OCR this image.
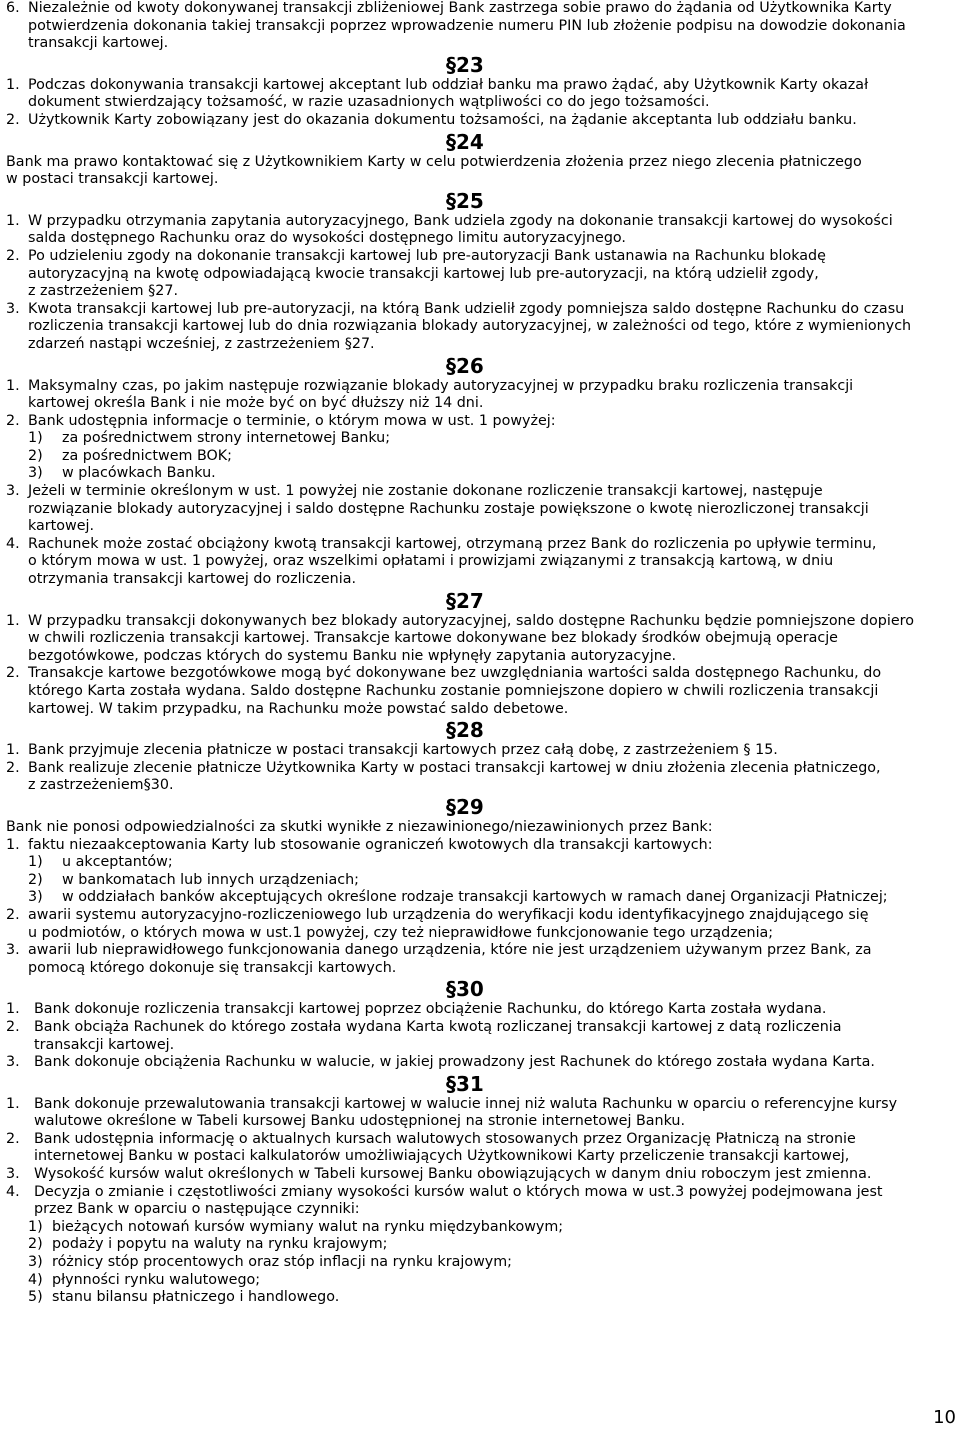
6. Niezależnie od kwoty dokonywanej transakcji zbliżeniowej Bank zastrzega sobie prawo do żądania od Użytkownika Karty
potwierdzenia dokonania takiej transakcji poprzez wprowadzenie numeru PIN lub złożenie podpisu na dowodzie dokonania
transakcji kartowej.
§23
1. Podczas dokonywania transakcji kartowej akceptant lub oddział banku ma prawo żądać, aby Użytkownik Karty okazał
dokument stwierdzający tożsamość, w razie uzasadnionych wątpliwości co do jego tożsamości.
2. Użytkownik Karty zobowiązany jest do okazania dokumentu tożsamości, na żądanie akceptanta lub oddziału banku.
§24
Bank ma prawo kontaktować się z Użytkownikiem Karty w celu potwierdzenia złożenia przez niego zlecenia płatniczego
w postaci transakcji kartowej.
§25
1. W przypadku otrzymania zapytania autoryzacyjnego, Bank udziela zgody na dokonanie transakcji kartowej do wysokości
salda dostępnego Rachunku oraz do wysokości dostępnego limitu autoryzacyjnego.
2. Po udzieleniu zgody na dokonanie transakcji kartowej lub pre-autoryzacji Bank ustanawia na Rachunku blokadę
autoryzacyjną na kwotę odpowiadającą kwocie transakcji kartowej lub pre-autoryzacji, na którą udzielił zgody,
z zastrzeżeniem §27.
3. Kwota transakcji kartowej lub pre-autoryzacji, na którą Bank udzielił zgody pomniejsza saldo dostępne Rachunku do czasu
rozliczenia transakcji kartowej lub do dnia rozwiązania blokady autoryzacyjnej, w zależności od tego, które z wymienionych
zdarzeń nastąpi wcześniej, z zastrzeżeniem §27.
§26
1. Maksymalny czas, po jakim następuje rozwiązanie blokady autoryzacyjnej w przypadku braku rozliczenia transakcji
kartowej określa Bank i nie może być on być dłuższy niż 14 dni.
2. Bank udostępnia informacje o terminie, o którym mowa w ust. 1 powyżej:
1) za pośrednictwem strony internetowej Banku;
2) za pośrednictwem BOK;
3) w placówkach Banku.
3. Jeżeli w terminie określonym w ust. 1 powyżej nie zostanie dokonane rozliczenie transakcji kartowej, następuje
rozwiązanie blokady autoryzacyjnej i saldo dostępne Rachunku zostaje powiększone o kwotę nierozliczonej transakcji
kartowej.
4. Rachunek może zostać obciążony kwotą transakcji kartowej, otrzymaną przez Bank do rozliczenia po upływie terminu,
o którym mowa w ust. 1 powyżej, oraz wszelkimi opłatami i prowizjami związanymi z transakcją kartową, w dniu
otrzymania transakcji kartowej do rozliczenia.
§27
1. W przypadku transakcji dokonywanych bez blokady autoryzacyjnej, saldo dostępne Rachunku będzie pomniejszone dopiero
w chwili rozliczenia transakcji kartowej. Transakcje kartowe dokonywane bez blokady środków obejmują operacje
bezgotówkowe, podczas których do systemu Banku nie wpłynęły zapytania autoryzacyjne.
2. Transakcje kartowe bezgotówkowe mogą być dokonywane bez uwzględniania wartości salda dostępnego Rachunku, do
którego Karta została wydana. Saldo dostępne Rachunku zostanie pomniejszone dopiero w chwili rozliczenia transakcji
kartowej. W takim przypadku, na Rachunku może powstać saldo debetowe.
§28
1. Bank przyjmuje zlecenia płatnicze w postaci transakcji kartowych przez całą dobę, z zastrzeżeniem § 15.
2. Bank realizuje zlecenie płatnicze Użytkownika Karty w postaci transakcji kartowej w dniu złożenia zlecenia płatniczego,
z zastrzeżeniem§30.
§29
Bank nie ponosi odpowiedzialności za skutki wynikłe z niezawinionego/niezawinionych przez Bank:
1. faktu niezaakceptowania Karty lub stosowanie ograniczeń kwotowych dla transakcji kartowych:
1) u akceptantów;
2) w bankomatach lub innych urządzeniach;
3) w oddziałach banków akceptujących określone rodzaje transakcji kartowych w ramach danej Organizacji Płatniczej;
2. awarii systemu autoryzacyjno-rozliczeniowego lub urządzenia do weryfikacji kodu identyfikacyjnego znajdującego się
u podmiotów, o których mowa w ust.1 powyżej, czy też nieprawidłowe funkcjonowanie tego urządzenia;
3. awarii lub nieprawidłowego funkcjonowania danego urządzenia, które nie jest urządzeniem używanym przez Bank, za
pomocą którego dokonuje się transakcji kartowych.
§30
1. Bank dokonuje rozliczenia transakcji kartowej poprzez obciążenie Rachunku, do którego Karta została wydana.
2. Bank obciąża Rachunek do którego została wydana Karta kwotą rozliczanej transakcji kartowej z datą rozliczenia
transakcji kartowej.
3. Bank dokonuje obciążenia Rachunku w walucie, w jakiej prowadzony jest Rachunek do którego została wydana Karta.
§31
1. Bank dokonuje przewalutowania transakcji kartowej w walucie innej niż waluta Rachunku w oparciu o referencyjne kursy
walutowe określone w Tabeli kursowej Banku udostępnionej na stronie internetowej Banku.
2. Bank udostępnia informację o aktualnych kursach walutowych stosowanych przez Organizację Płatniczą na stronie
internetowej Banku w postaci kalkulatorów umożliwiających Użytkownikowi Karty przeliczenie transakcji kartowej,
3. Wysokość kursów walut określonych w Tabeli kursowej Banku obowiązujących w danym dniu roboczym jest zmienna.
4. Decyzja o zmianie i częstotliwości zmiany wysokości kursów walut o których mowa w ust.3 powyżej podejmowana jest
przez Bank w oparciu o następujące czynniki:
1) bieżących notowań kursów wymiany walut na rynku międzybankowym;
2) podaży i popytu na waluty na rynku krajowym;
3) różnicy stóp procentowych oraz stóp inflacji na rynku krajowym;
4) płynności rynku walutowego;
5) stanu bilansu płatniczego i handlowego.
10
